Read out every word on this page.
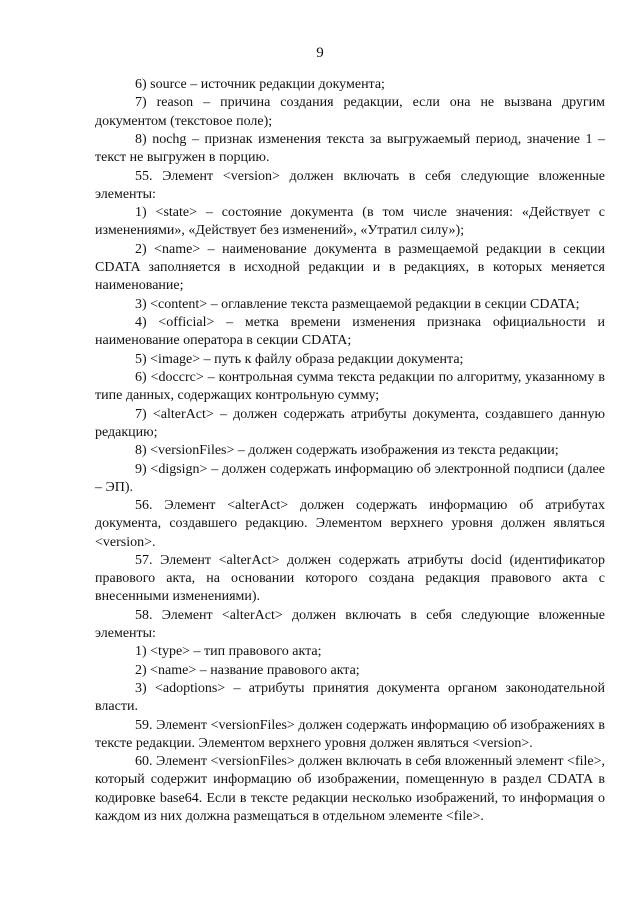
9

6) source – источник редакции документа;

7) reason – причина создания редакции, если она не вызвана другим документом (текстовое поле);

8) nochg – признак изменения текста за выгружаемый период, значение 1 – текст не выгружен в порцию.

55. Элемент <version> должен включать в себя следующие вложенные элементы:

1) <state> – состояние документа (в том числе значения: «Действует с изменениями», «Действует без изменений», «Утратил силу»);

2) <name> – наименование документа в размещаемой редакции в секции CDATA заполняется в исходной редакции и в редакциях, в которых меняется наименование;

3) <content> – оглавление текста размещаемой редакции в секции CDATA;

4) <official> – метка времени изменения признака официальности и наименование оператора в секции CDATA;

5) <image> – путь к файлу образа редакции документа;

6) <doccrc> – контрольная сумма текста редакции по алгоритму, указанному в типе данных, содержащих контрольную сумму;

7) <alterAct> – должен содержать атрибуты документа, создавшего данную редакцию;

8) <versionFiles> – должен содержать изображения из текста редакции;

9) <digsign> – должен содержать информацию об электронной подписи (далее – ЭП).

56. Элемент <alterAct> должен содержать информацию об атрибутах документа, создавшего редакцию. Элементом верхнего уровня должен являться <version>.

57. Элемент <alterAct> должен содержать атрибуты docid (идентификатор правового акта, на основании которого создана редакция правового акта с внесенными изменениями).

58. Элемент <alterAct> должен включать в себя следующие вложенные элементы:

1) <type> – тип правового акта;

2) <name> – название правового акта;

3) <adoptions> – атрибуты принятия документа органом законодательной власти.

59. Элемент <versionFiles> должен содержать информацию об изображениях в тексте редакции. Элементом верхнего уровня должен являться <version>.

60. Элемент <versionFiles> должен включать в себя вложенный элемент <file>, который содержит информацию об изображении, помещенную в раздел CDATA в кодировке base64. Если в тексте редакции несколько изображений, то информация о каждом из них должна размещаться в отдельном элементе <file>.
